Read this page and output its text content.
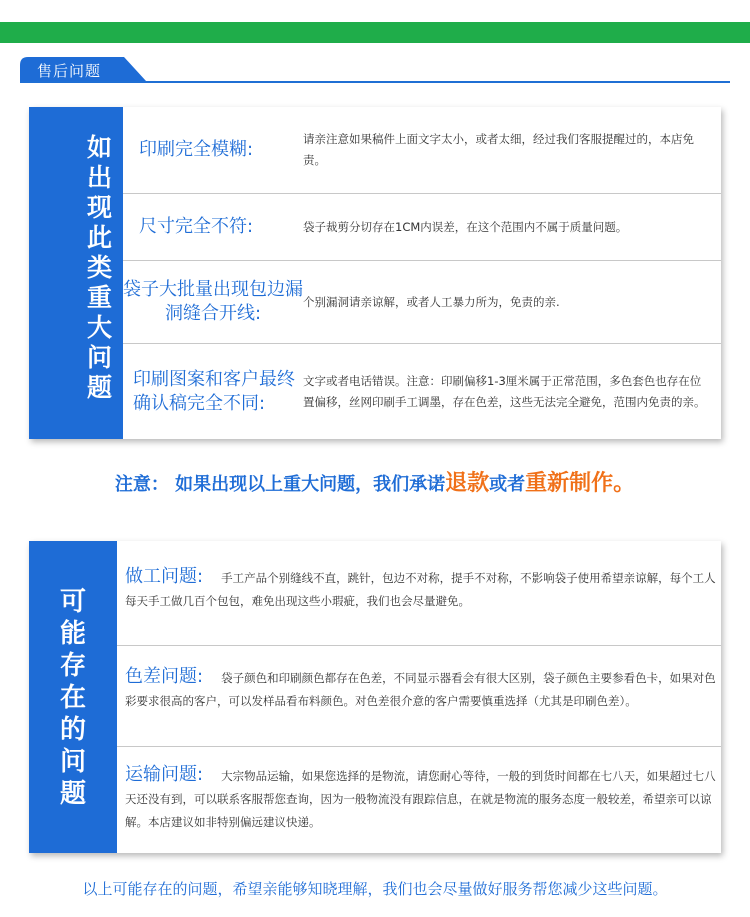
售后问题
如
出
现
此
类
重
大
问
题
印刷完全模糊:	请亲注意如果稿件上面文字太小，或者太细，经过我们客服提醒过的，本店免责。
尺寸完全不符:	袋子裁剪分切存在1CM内误差，在这个范围内不属于质量问题。
袋子大批量出现包边漏洞缝合开线:
个别漏洞请亲谅解，或者人工暴力所为，免责的亲.
印刷图案和客户最终确认稿完全不同:
文字或者电话错误。注意：印刷偏移1-3厘米属于正常范围，多色套色也存在位置偏移，丝网印刷手工调墨，存在色差，这些无法完全避免，范围内免责的亲。
注意： 如果出现以上重大问题，我们承诺退款或者重新制作。
可
能
存
在
的
问
题
做工问题: 手工产品个别缝线不直，跳针，包边不对称，提手不对称，不影响袋子使用希望亲谅解，每个工人每天手工做几百个包包，难免出现这些小瑕疵，我们也会尽量避免。
色差问题: 袋子颜色和印刷颜色都存在色差，不同显示器看会有很大区别，袋子颜色主要参看色卡，如果对色彩要求很高的客户，可以发样品看布料颜色。对色差很介意的客户需要慎重选择（尤其是印刷色差）。
运输问题: 大宗物品运输，如果您选择的是物流，请您耐心等待，一般的到货时间都在七八天，如果超过七八天还没有到，可以联系客服帮您查询，因为一般物流没有跟踪信息，在就是物流的服务态度一般较差，希望亲可以谅解。本店建议如非特别偏远建议快递。
以上可能存在的问题，希望亲能够知晓理解，我们也会尽量做好服务帮您减少这些问题。
